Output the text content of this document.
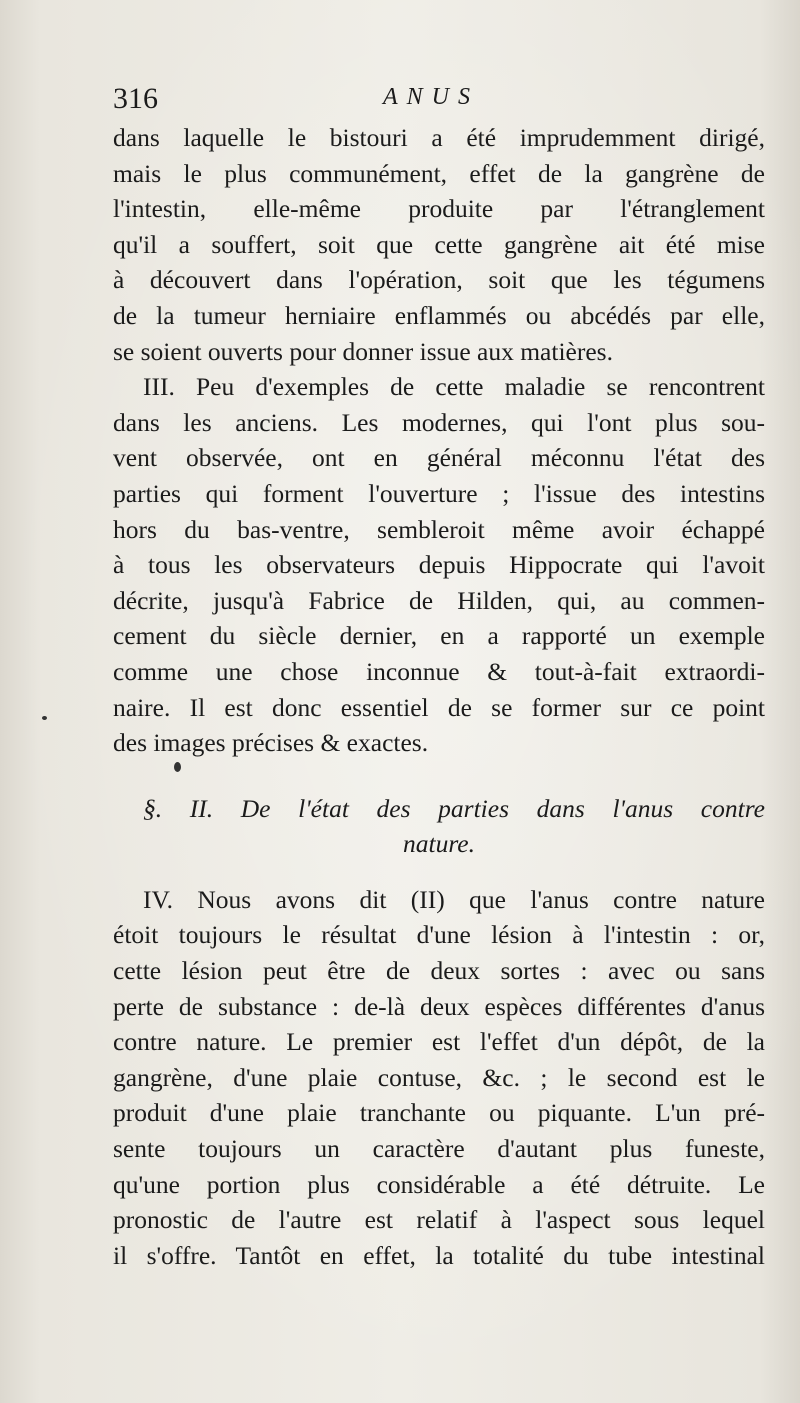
316	ANUS
dans laquelle le bistouri a été imprudemment dirigé,
mais le plus communément, effet de la gangrène de
l'intestin, elle-même produite par l'étranglement
qu'il a souffert, soit que cette gangrène ait été mise
à découvert dans l'opération, soit que les tégumens
de la tumeur herniaire enflammés ou abcédés par elle,
se soient ouverts pour donner issue aux matières.
III. Peu d'exemples de cette maladie se rencontrent
dans les anciens. Les modernes, qui l'ont plus sou-
vent observée, ont en général méconnu l'état des
parties qui forment l'ouverture ; l'issue des intestins
hors du bas-ventre, sembleroit même avoir échappé
à tous les observateurs depuis Hippocrate qui l'avoit
décrite, jusqu'à Fabrice de Hilden, qui, au commen-
cement du siècle dernier, en a rapporté un exemple
comme une chose inconnue & tout-à-fait extraordi-
naire. Il est donc essentiel de se former sur ce point
des images précises & exactes.
§. II. De l'état des parties dans l'anus contre
nature.
IV. Nous avons dit (II) que l'anus contre nature
étoit toujours le résultat d'une lésion à l'intestin : or,
cette lésion peut être de deux sortes : avec ou sans
perte de substance : de-là deux espèces différentes d'anus
contre nature. Le premier est l'effet d'un dépôt, de la
gangrène, d'une plaie contuse, &c. ; le second est le
produit d'une plaie tranchante ou piquante. L'un pré-
sente toujours un caractère d'autant plus funeste,
qu'une portion plus considérable a été détruite. Le
pronostic de l'autre est relatif à l'aspect sous lequel
il s'offre. Tantôt en effet, la totalité du tube intestinal
